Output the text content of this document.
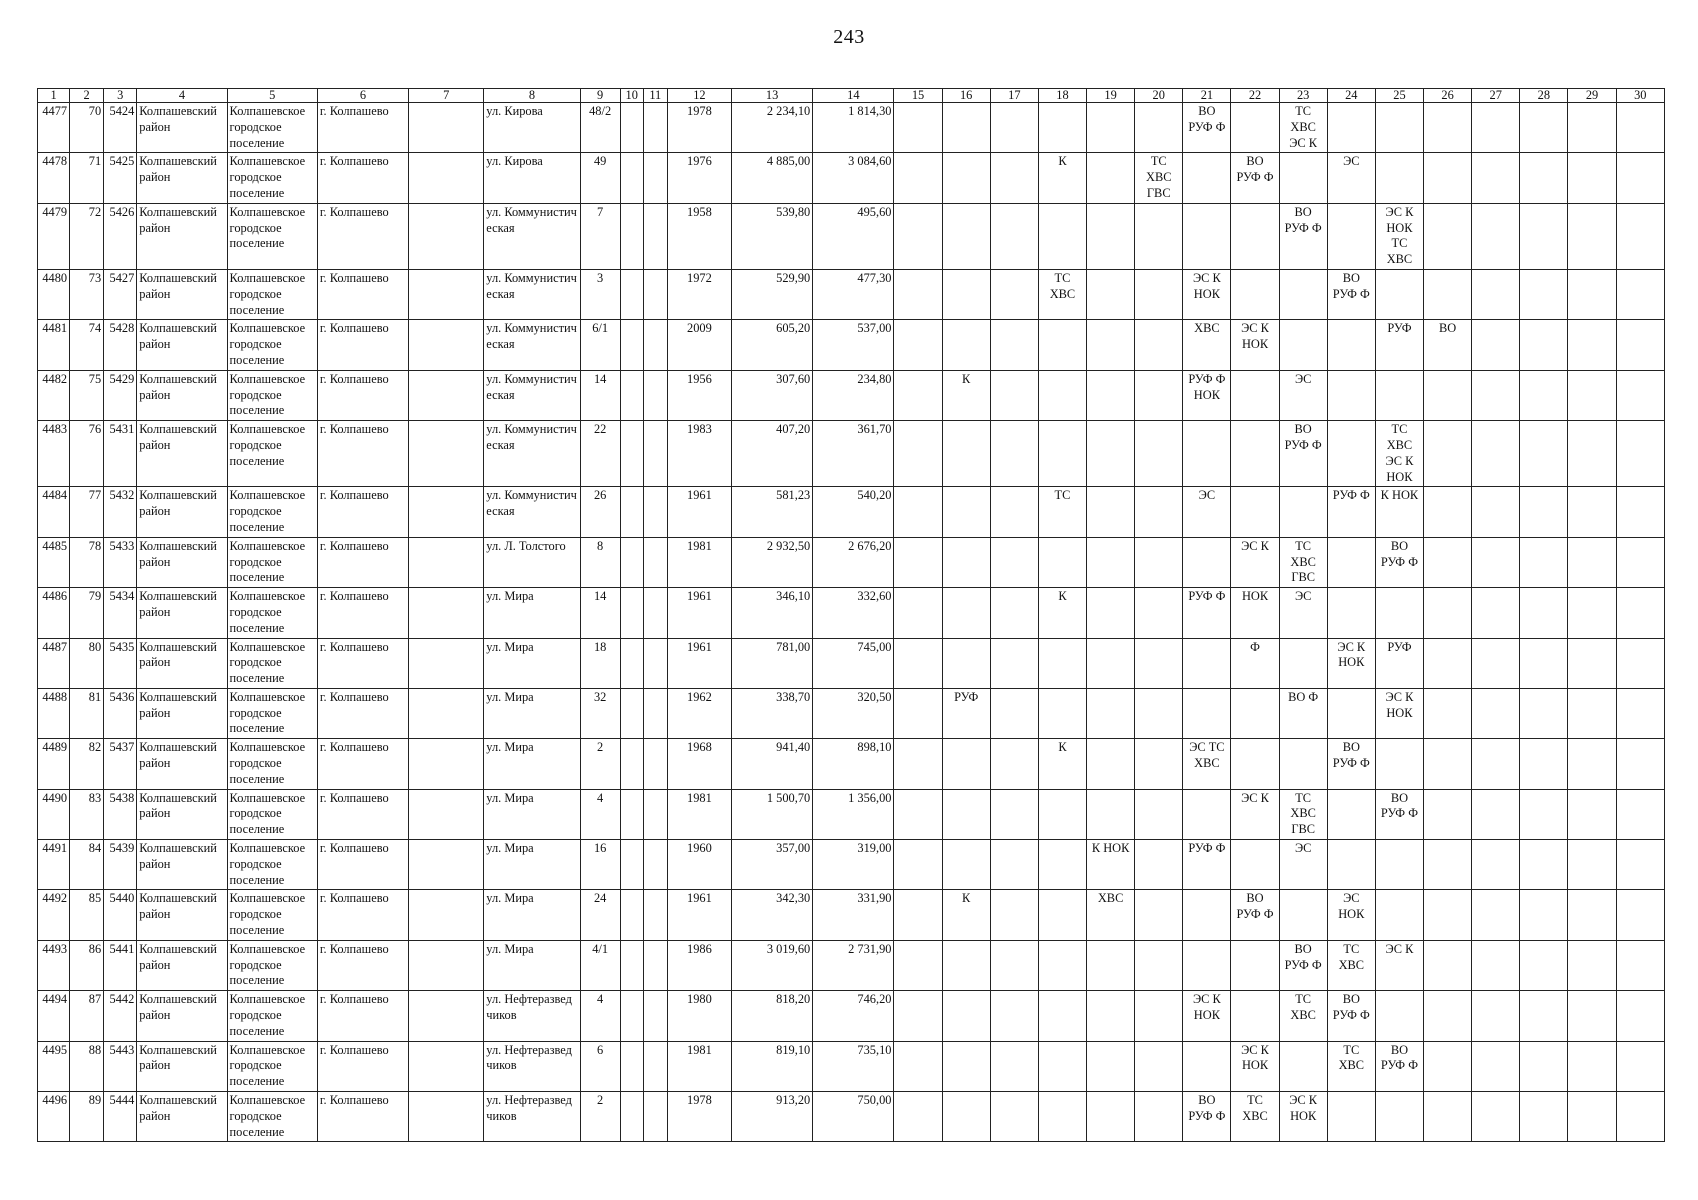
243
1	2	3	4	5	6	7	8	9	10	11	12	13	14	15	16	17	18	19	20	21	22	23	24	25	26	27	28	29	30
4477	70	5424	Колпашевский район	Колпашевское городское поселение	г. Колпашево		ул. Кирова	48/2			1978	2 234,10	1 814,30							ВО
РУФ Ф		ТС
ХВС
ЭС К							
4478	71	5425	Колпашевский район	Колпашевское городское поселение	г. Колпашево		ул. Кирова	49			1976	4 885,00	3 084,60				К		ТС
ХВС
ГВС		ВО
РУФ Ф		ЭС						
4479	72	5426	Колпашевский район	Колпашевское городское поселение	г. Колпашево		ул. Коммунистическая	7			1958	539,80	495,60									ВО
РУФ Ф		ЭС К
НОК
ТС
ХВС					
4480	73	5427	Колпашевский район	Колпашевское городское поселение	г. Колпашево		ул. Коммунистическая	3			1972	529,90	477,30				ТС
ХВС			ЭС К
НОК			ВО
РУФ Ф						
4481	74	5428	Колпашевский район	Колпашевское городское поселение	г. Колпашево		ул. Коммунистическая	6/1			2009	605,20	537,00							ХВС	ЭС К
НОК			РУФ	ВО				
4482	75	5429	Колпашевский район	Колпашевское городское поселение	г. Колпашево		ул. Коммунистическая	14			1956	307,60	234,80		К					РУФ Ф
НОК		ЭС							
4483	76	5431	Колпашевский район	Колпашевское городское поселение	г. Колпашево		ул. Коммунистическая	22			1983	407,20	361,70									ВО
РУФ Ф		ТС
ХВС
ЭС К
НОК					
4484	77	5432	Колпашевский район	Колпашевское городское поселение	г. Колпашево		ул. Коммунистическая	26			1961	581,23	540,20				ТС			ЭС			РУФ Ф	К НОК					
4485	78	5433	Колпашевский район	Колпашевское городское поселение	г. Колпашево		ул. Л. Толстого	8			1981	2 932,50	2 676,20								ЭС К	ТС
ХВС
ГВС		ВО
РУФ Ф					
4486	79	5434	Колпашевский район	Колпашевское городское поселение	г. Колпашево		ул. Мира	14			1961	346,10	332,60				К			РУФ Ф	НОК	ЭС							
4487	80	5435	Колпашевский район	Колпашевское городское поселение	г. Колпашево		ул. Мира	18			1961	781,00	745,00								Ф		ЭС К
НОК	РУФ					
4488	81	5436	Колпашевский район	Колпашевское городское поселение	г. Колпашево		ул. Мира	32			1962	338,70	320,50		РУФ							ВО Ф		ЭС К
НОК					
4489	82	5437	Колпашевский район	Колпашевское городское поселение	г. Колпашево		ул. Мира	2			1968	941,40	898,10				К			ЭС ТС
ХВС			ВО
РУФ Ф						
4490	83	5438	Колпашевский район	Колпашевское городское поселение	г. Колпашево		ул. Мира	4			1981	1 500,70	1 356,00								ЭС К	ТС
ХВС
ГВС		ВО
РУФ Ф					
4491	84	5439	Колпашевский район	Колпашевское городское поселение	г. Колпашево		ул. Мира	16			1960	357,00	319,00					К НОК		РУФ Ф		ЭС							
4492	85	5440	Колпашевский район	Колпашевское городское поселение	г. Колпашево		ул. Мира	24			1961	342,30	331,90		К			ХВС			ВО
РУФ Ф		ЭС
НОК						
4493	86	5441	Колпашевский район	Колпашевское городское поселение	г. Колпашево		ул. Мира	4/1			1986	3 019,60	2 731,90									ВО
РУФ Ф	ТС
ХВС	ЭС К					
4494	87	5442	Колпашевский район	Колпашевское городское поселение	г. Колпашево		ул. Нефтеразведчиков	4			1980	818,20	746,20							ЭС К
НОК		ТС
ХВС	ВО
РУФ Ф						
4495	88	5443	Колпашевский район	Колпашевское городское поселение	г. Колпашево		ул. Нефтеразведчиков	6			1981	819,10	735,10								ЭС К
НОК		ТС
ХВС	ВО
РУФ Ф					
4496	89	5444	Колпашевский район	Колпашевское городское поселение	г. Колпашево		ул. Нефтеразведчиков	2			1978	913,20	750,00							ВО
РУФ Ф	ТС
ХВС	ЭС К
НОК							
